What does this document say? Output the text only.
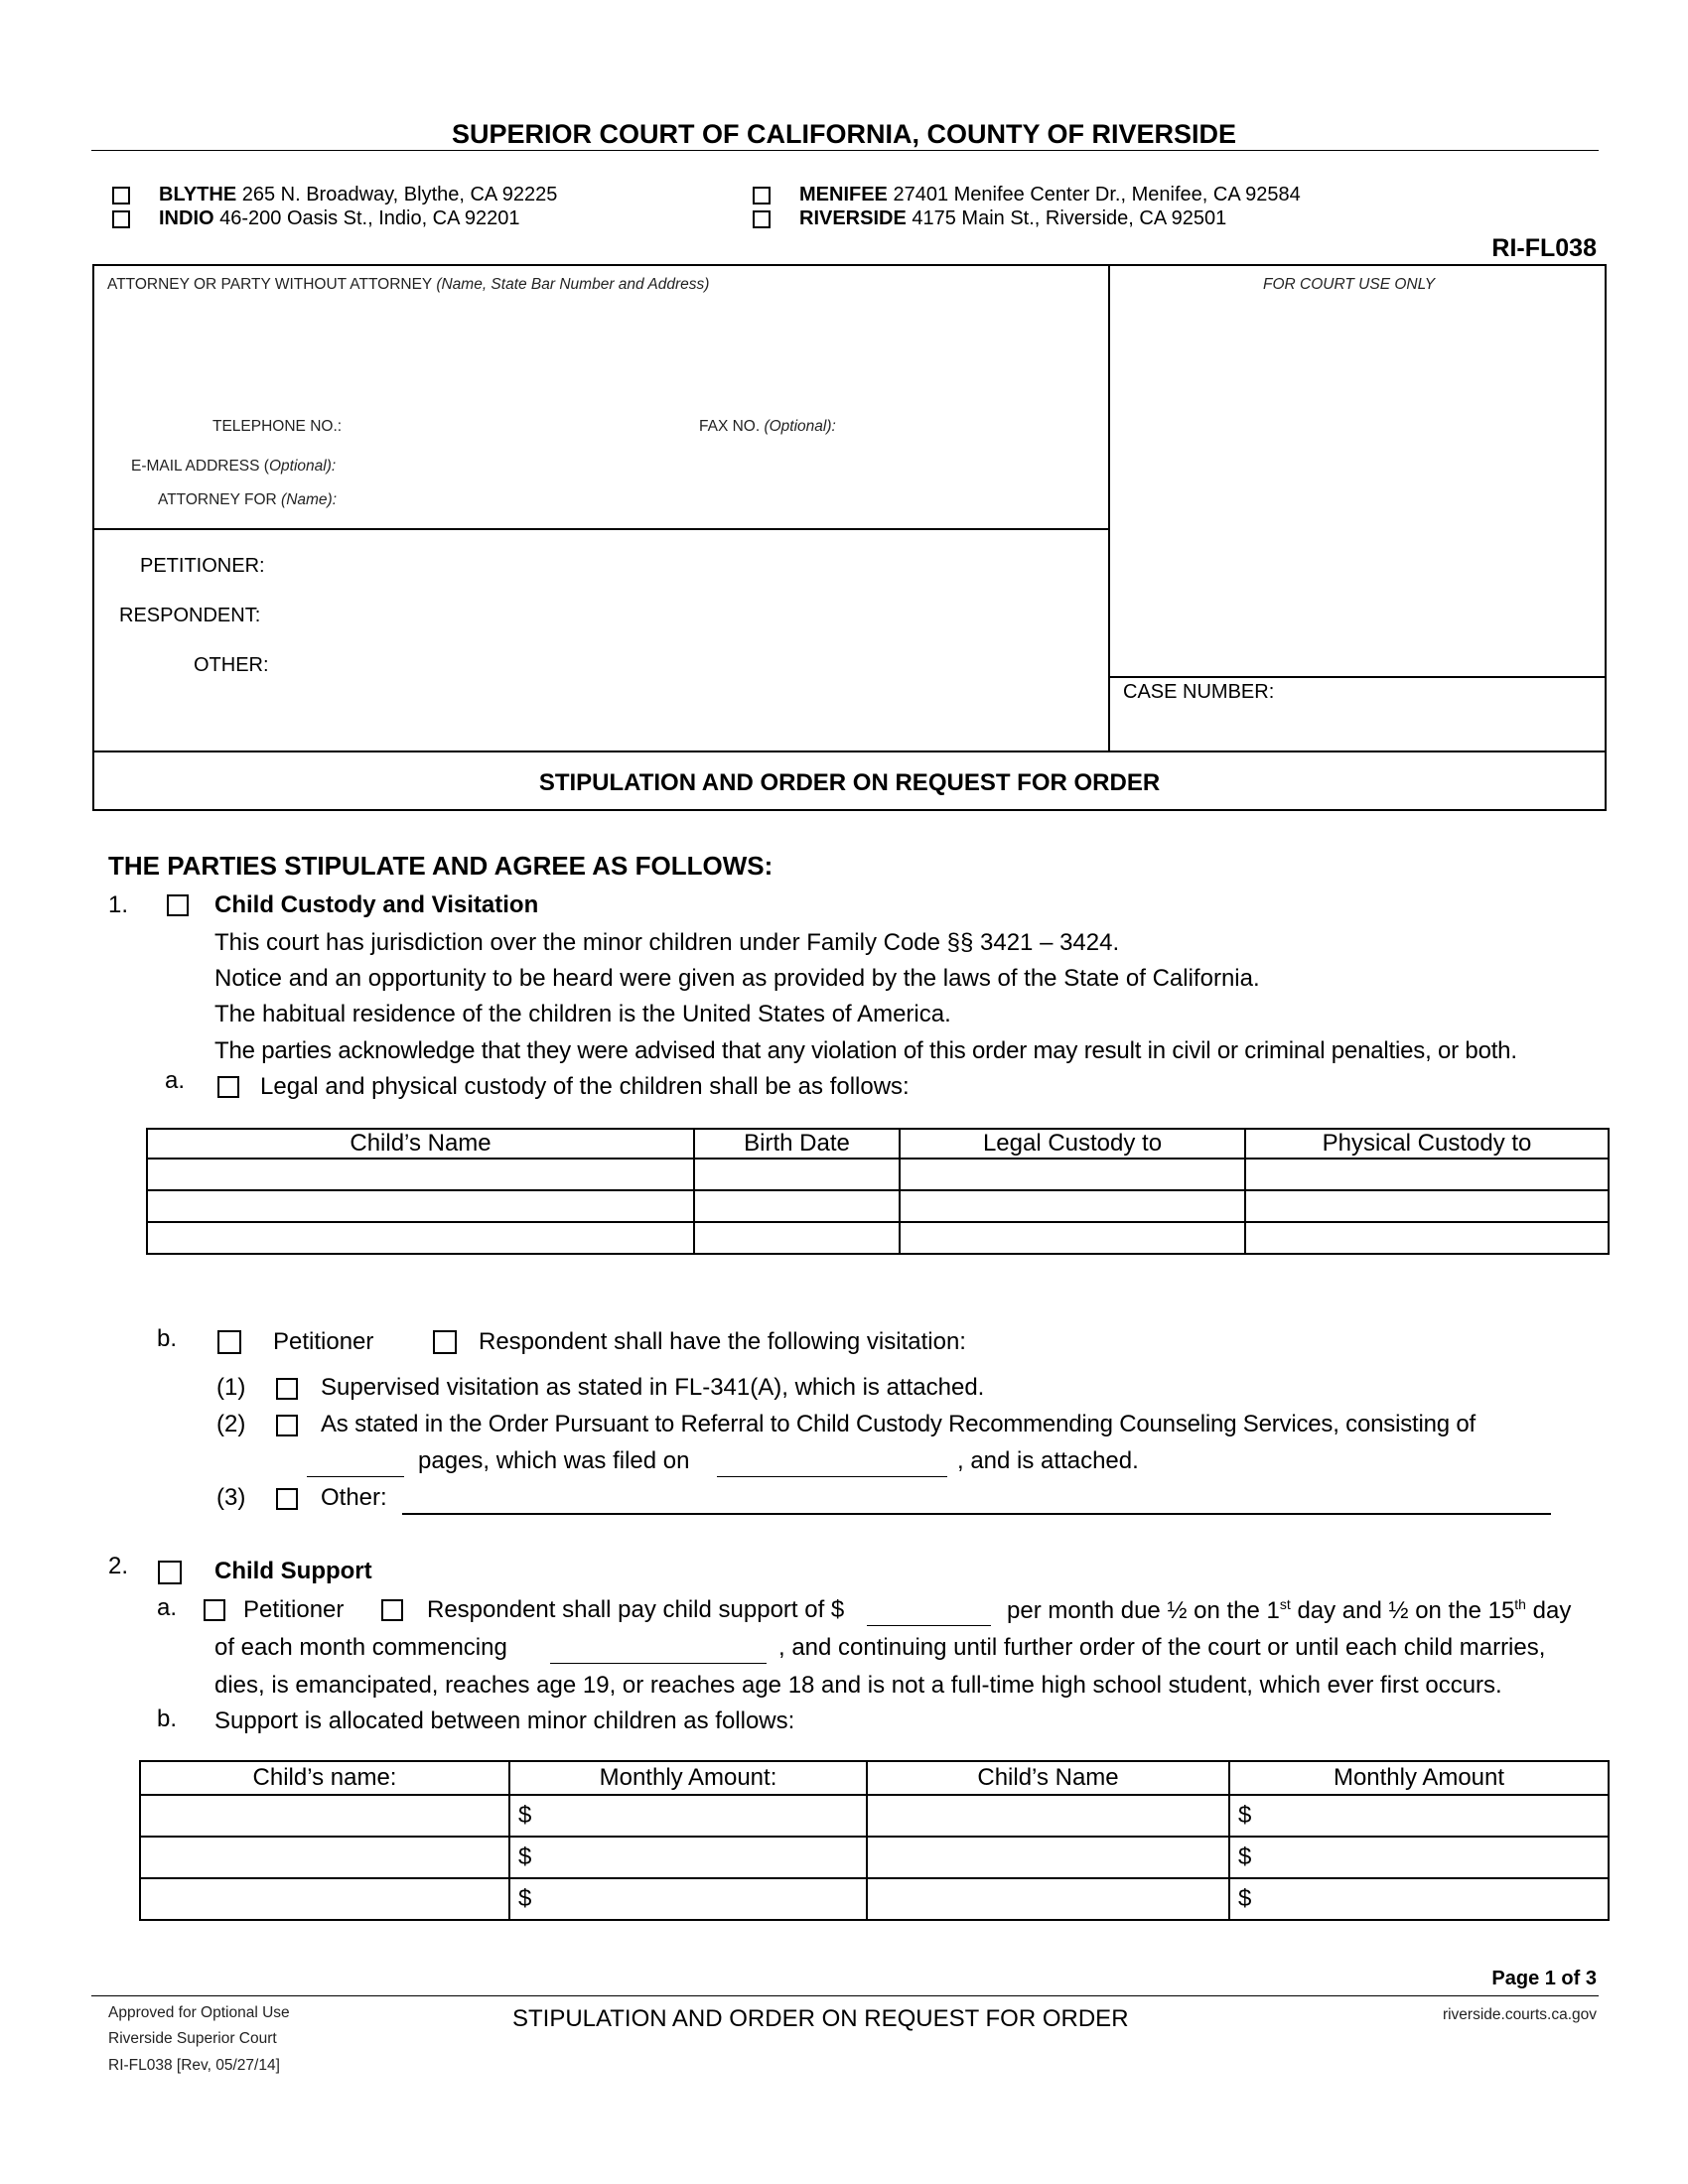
SUPERIOR COURT OF CALIFORNIA, COUNTY OF RIVERSIDE
BLYTHE 265 N. Broadway, Blythe, CA 92225
INDIO 46-200 Oasis St., Indio, CA 92201
MENIFEE 27401 Menifee Center Dr., Menifee, CA 92584
RIVERSIDE 4175 Main St., Riverside, CA 92501
RI-FL038
ATTORNEY OR PARTY WITHOUT ATTORNEY (Name, State Bar Number and Address)	FOR COURT USE ONLY
TELEPHONE NO.:	FAX NO. (Optional):
E-MAIL ADDRESS (Optional):
ATTORNEY FOR (Name):
PETITIONER:
RESPONDENT:
OTHER:
CASE NUMBER:
STIPULATION AND ORDER ON REQUEST FOR ORDER
THE PARTIES STIPULATE AND AGREE AS FOLLOWS:
1.	Child Custody and Visitation
This court has jurisdiction over the minor children under Family Code §§ 3421 – 3424.
Notice and an opportunity to be heard were given as provided by the laws of the State of California.
The habitual residence of the children is the United States of America.
The parties acknowledge that they were advised that any violation of this order may result in civil or criminal penalties, or both.
a.	Legal and physical custody of the children shall be as follows:
Child’s Name	Birth Date	Legal Custody to	Physical Custody to

b.	Petitioner	Respondent shall have the following visitation:
(1)	Supervised visitation as stated in FL-341(A), which is attached.
(2)	As stated in the Order Pursuant to Referral to Child Custody Recommending Counseling Services, consisting of
pages, which was filed on	, and is attached.
(3)	Other:
2.	Child Support
a.	Petitioner	Respondent shall pay child support of $	per month due ½ on the 1st day and ½ on the 15th day
of each month commencing	, and continuing until further order of the court or until each child marries,
dies, is emancipated, reaches age 19, or reaches age 18 and is not a full-time high school student, which ever first occurs.
b. Support is allocated between minor children as follows:
Child’s name:	Monthly Amount:	Child’s Name	Monthly Amount
	$		$
	$		$
	$		$
Page 1 of 3
Approved for Optional Use
Riverside Superior Court
RI-FL038 [Rev, 05/27/14]
STIPULATION AND ORDER ON REQUEST FOR ORDER	riverside.courts.ca.gov
